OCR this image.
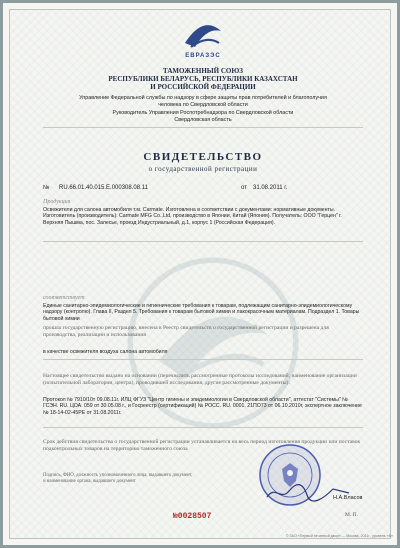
ЕВРАЗЭС
ТАМОЖЕННЫЙ СОЮЗ
РЕСПУБЛИКИ БЕЛАРУСЬ, РЕСПУБЛИКИ КАЗАХСТАН
И РОССИЙСКОЙ ФЕДЕРАЦИИ
Управление Федеральной службы по надзору в сфере защиты прав потребителей и благополучия
человека по Свердловской области
Руководитель Управления Роспотребнадзора по Свердловской области
Свердловская область
СВИДЕТЕЛЬСТВО
о государственной регистрации
№ RU.66.01.40.015.Е.000308.08.11	от 31.08.2011 г.
Продукция
Освежители для салона автомобиля т.м. Carmate. Изготовлена в соответствии с документами: нормативные документы. Изготовитель (производитель): Carmate MFG Co.,Ltd, производство в Японии, Китай (Япония). Получатель: ООО "Герцен" г. Верхняя Пышма, пос. Залесье, проезд Индустриальный, д.1, корпус 1 (Российская Федерация).
соответствует
Единые санитарно-эпидемиологические и гигиенические требования к товарам, подлежащим санитарно-эпидемиологическому надзору (контролю). Глава II, Раздел 5. Требования к товарам бытовой химии и лакокрасочным материалам. Подраздел 1. Товары бытовой химии
прошла государственную регистрацию, внесена в Реестр свидетельств о государственной регистрации и разрешена для производства, реализации и использования
в качестве освежителя воздуха салона автомобиля
Настоящее свидетельство выдано на основании (перечислить рассмотренные протоколы исследований, наименование организации (испытательной лаборатории, центра), проводившей исследования, другие рассмотренные документы):
Протокол № 7910/10т 09.08.11г. ИЛЦ ФГУЗ "Центр гигиены и эпидемиологии в Свердловской области", аттестат "Системы" № ГСЭН. RU. ЦОА. 059 от 30.05.08 г., и Госреестр (сертификаций) № РОСС. RU. 0001. 21ПО73 от 06.10.2010г, экспертное заключение № 18-14-02-45РЕ от 31.08.2011г.
Срок действия свидетельства о государственной регистрации устанавливается на весь период изготовления продукции или поставок подконтрольных товаров на территорию таможенного союза
Подпись, ФИО, должность уполномоченного лица, выдавшего документ, и наименование органа, выдавшего документ
Н.А.Власов
№0028507	М. П.
© ЗАО «Первый печатный двор» — Москва, 2011г., уровень «В»
